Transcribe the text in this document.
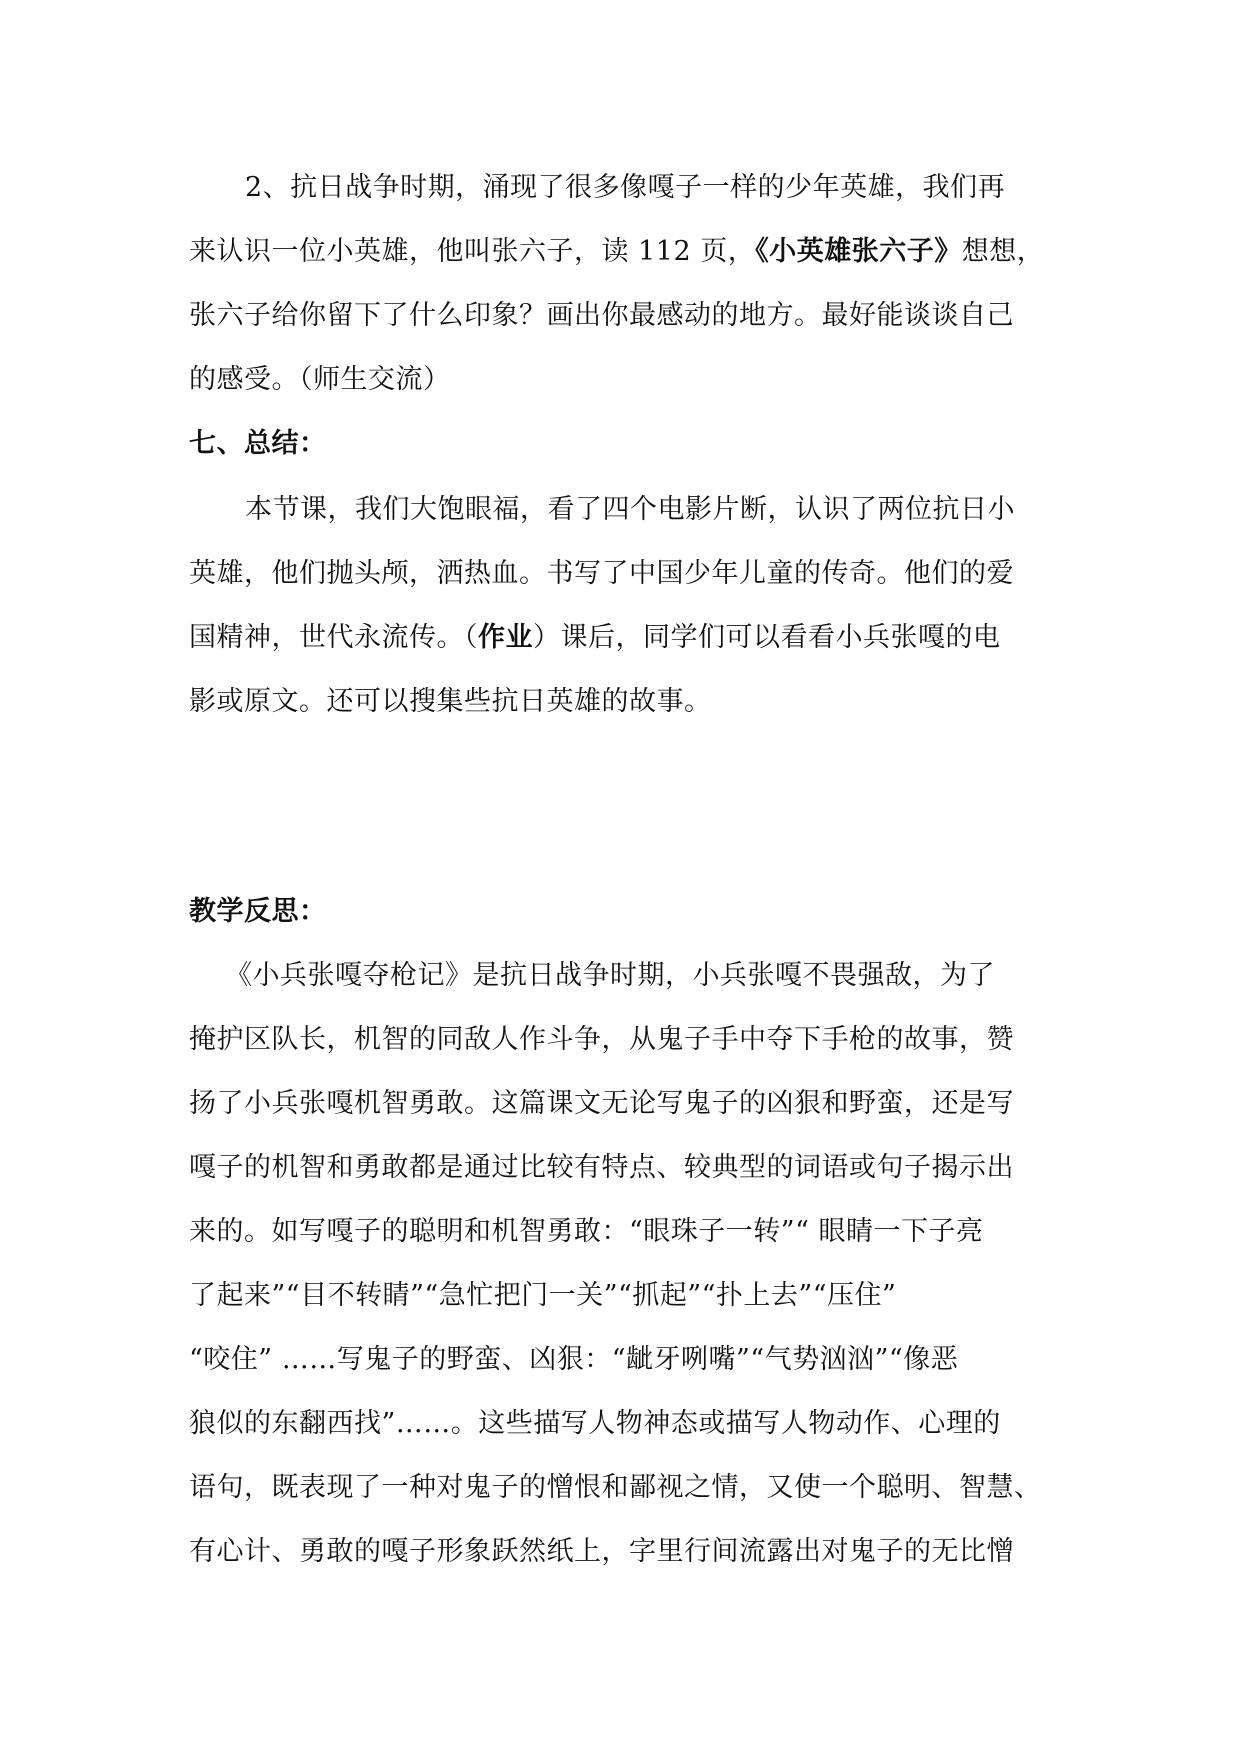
2、抗日战争时期，涌现了很多像嘎子一样的少年英雄，我们再
来认识一位小英雄，他叫张六子，读 112 页，《小英雄张六子》想想，
张六子给你留下了什么印象？画出你最感动的地方。最好能谈谈自己
的感受。（师生交流）
七、总结：
本节课，我们大饱眼福，看了四个电影片断，认识了两位抗日小
英雄，他们抛头颅，洒热血。书写了中国少年儿童的传奇。他们的爱
国精神，世代永流传。（作业）课后，同学们可以看看小兵张嘎的电
影或原文。还可以搜集些抗日英雄的故事。
教学反思：
《小兵张嘎夺枪记》是抗日战争时期，小兵张嘎不畏强敌，为了
掩护区队长，机智的同敌人作斗争，从鬼子手中夺下手枪的故事，赞
扬了小兵张嘎机智勇敢。这篇课文无论写鬼子的凶狠和野蛮，还是写
嘎子的机智和勇敢都是通过比较有特点、较典型的词语或句子揭示出
来的。如写嘎子的聪明和机智勇敢：“眼珠子一转”“ 眼睛一下子亮
了起来”“目不转睛”“急忙把门一关”“抓起”“扑上去”“压住”
“咬住” ……写鬼子的野蛮、凶狠：“龇牙咧嘴”“气势汹汹”“像恶
狼似的东翻西找”……。这些描写人物神态或描写人物动作、心理的
语句，既表现了一种对鬼子的憎恨和鄙视之情，又使一个聪明、智慧、
有心计、勇敢的嘎子形象跃然纸上，字里行间流露出对鬼子的无比憎
